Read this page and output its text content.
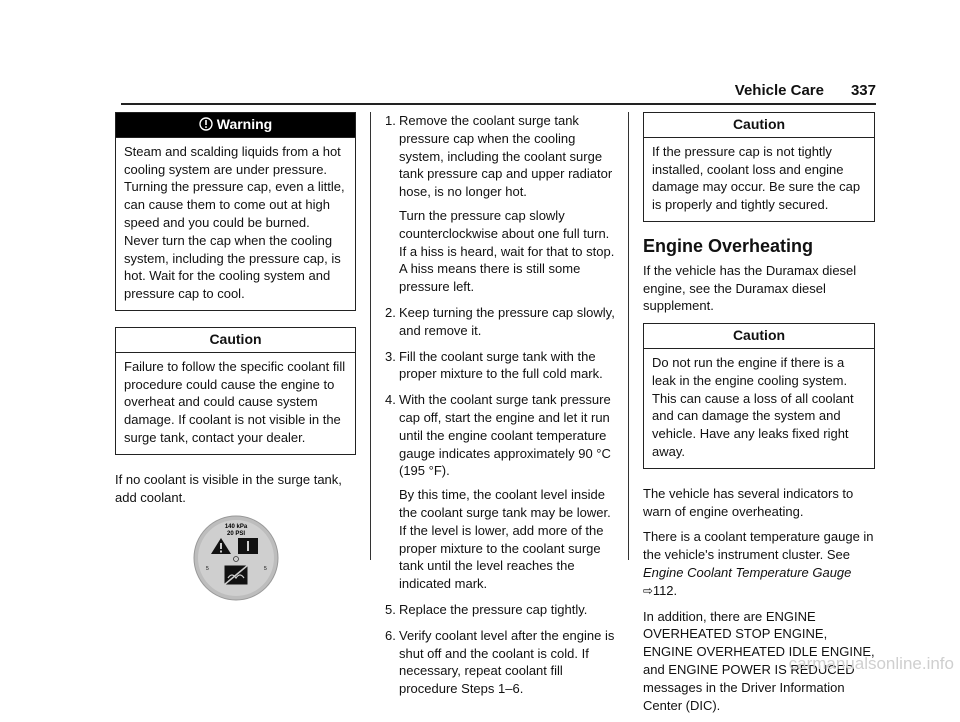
Vehicle Care 337
Warning
Steam and scalding liquids from a hot cooling system are under pressure. Turning the pressure cap, even a little, can cause them to come out at high speed and you could be burned. Never turn the cap when the cooling system, including the pressure cap, is hot. Wait for the cooling system and pressure cap to cool.
Caution
Failure to follow the specific coolant fill procedure could cause the engine to overheat and could cause system damage. If coolant is not visible in the surge tank, contact your dealer.

If no coolant is visible in the surge tank, add coolant.

140 kPa
20 PSI
5	5
1. Remove the coolant surge tank pressure cap when the cooling system, including the coolant surge tank pressure cap and upper radiator hose, is no longer hot.
Turn the pressure cap slowly counterclockwise about one full turn. If a hiss is heard, wait for that to stop. A hiss means there is still some pressure left.
2. Keep turning the pressure cap slowly, and remove it.
3. Fill the coolant surge tank with the proper mixture to the full cold mark.
4. With the coolant surge tank pressure cap off, start the engine and let it run until the engine coolant temperature gauge indicates approximately 90 °C (195 °F).
By this time, the coolant level inside the coolant surge tank may be lower. If the level is lower, add more of the proper mixture to the coolant surge tank until the level reaches the indicated mark.
5. Replace the pressure cap tightly.
6. Verify coolant level after the engine is shut off and the coolant is cold. If necessary, repeat coolant fill procedure Steps 1–6.
Caution
If the pressure cap is not tightly installed, coolant loss and engine damage may occur. Be sure the cap is properly and tightly secured.
Engine Overheating

If the vehicle has the Duramax diesel engine, see the Duramax diesel supplement.

Caution
Do not run the engine if there is a leak in the engine cooling system. This can cause a loss of all coolant and can damage the system and vehicle. Have any leaks fixed right away.

The vehicle has several indicators to warn of engine overheating.

There is a coolant temperature gauge in the vehicle's instrument cluster. See Engine Coolant Temperature Gauge ⇨112.

In addition, there are ENGINE OVERHEATED STOP ENGINE, ENGINE OVERHEATED IDLE ENGINE, and ENGINE POWER IS REDUCED messages in the Driver Information Center (DIC).

carmanualsonline.info
